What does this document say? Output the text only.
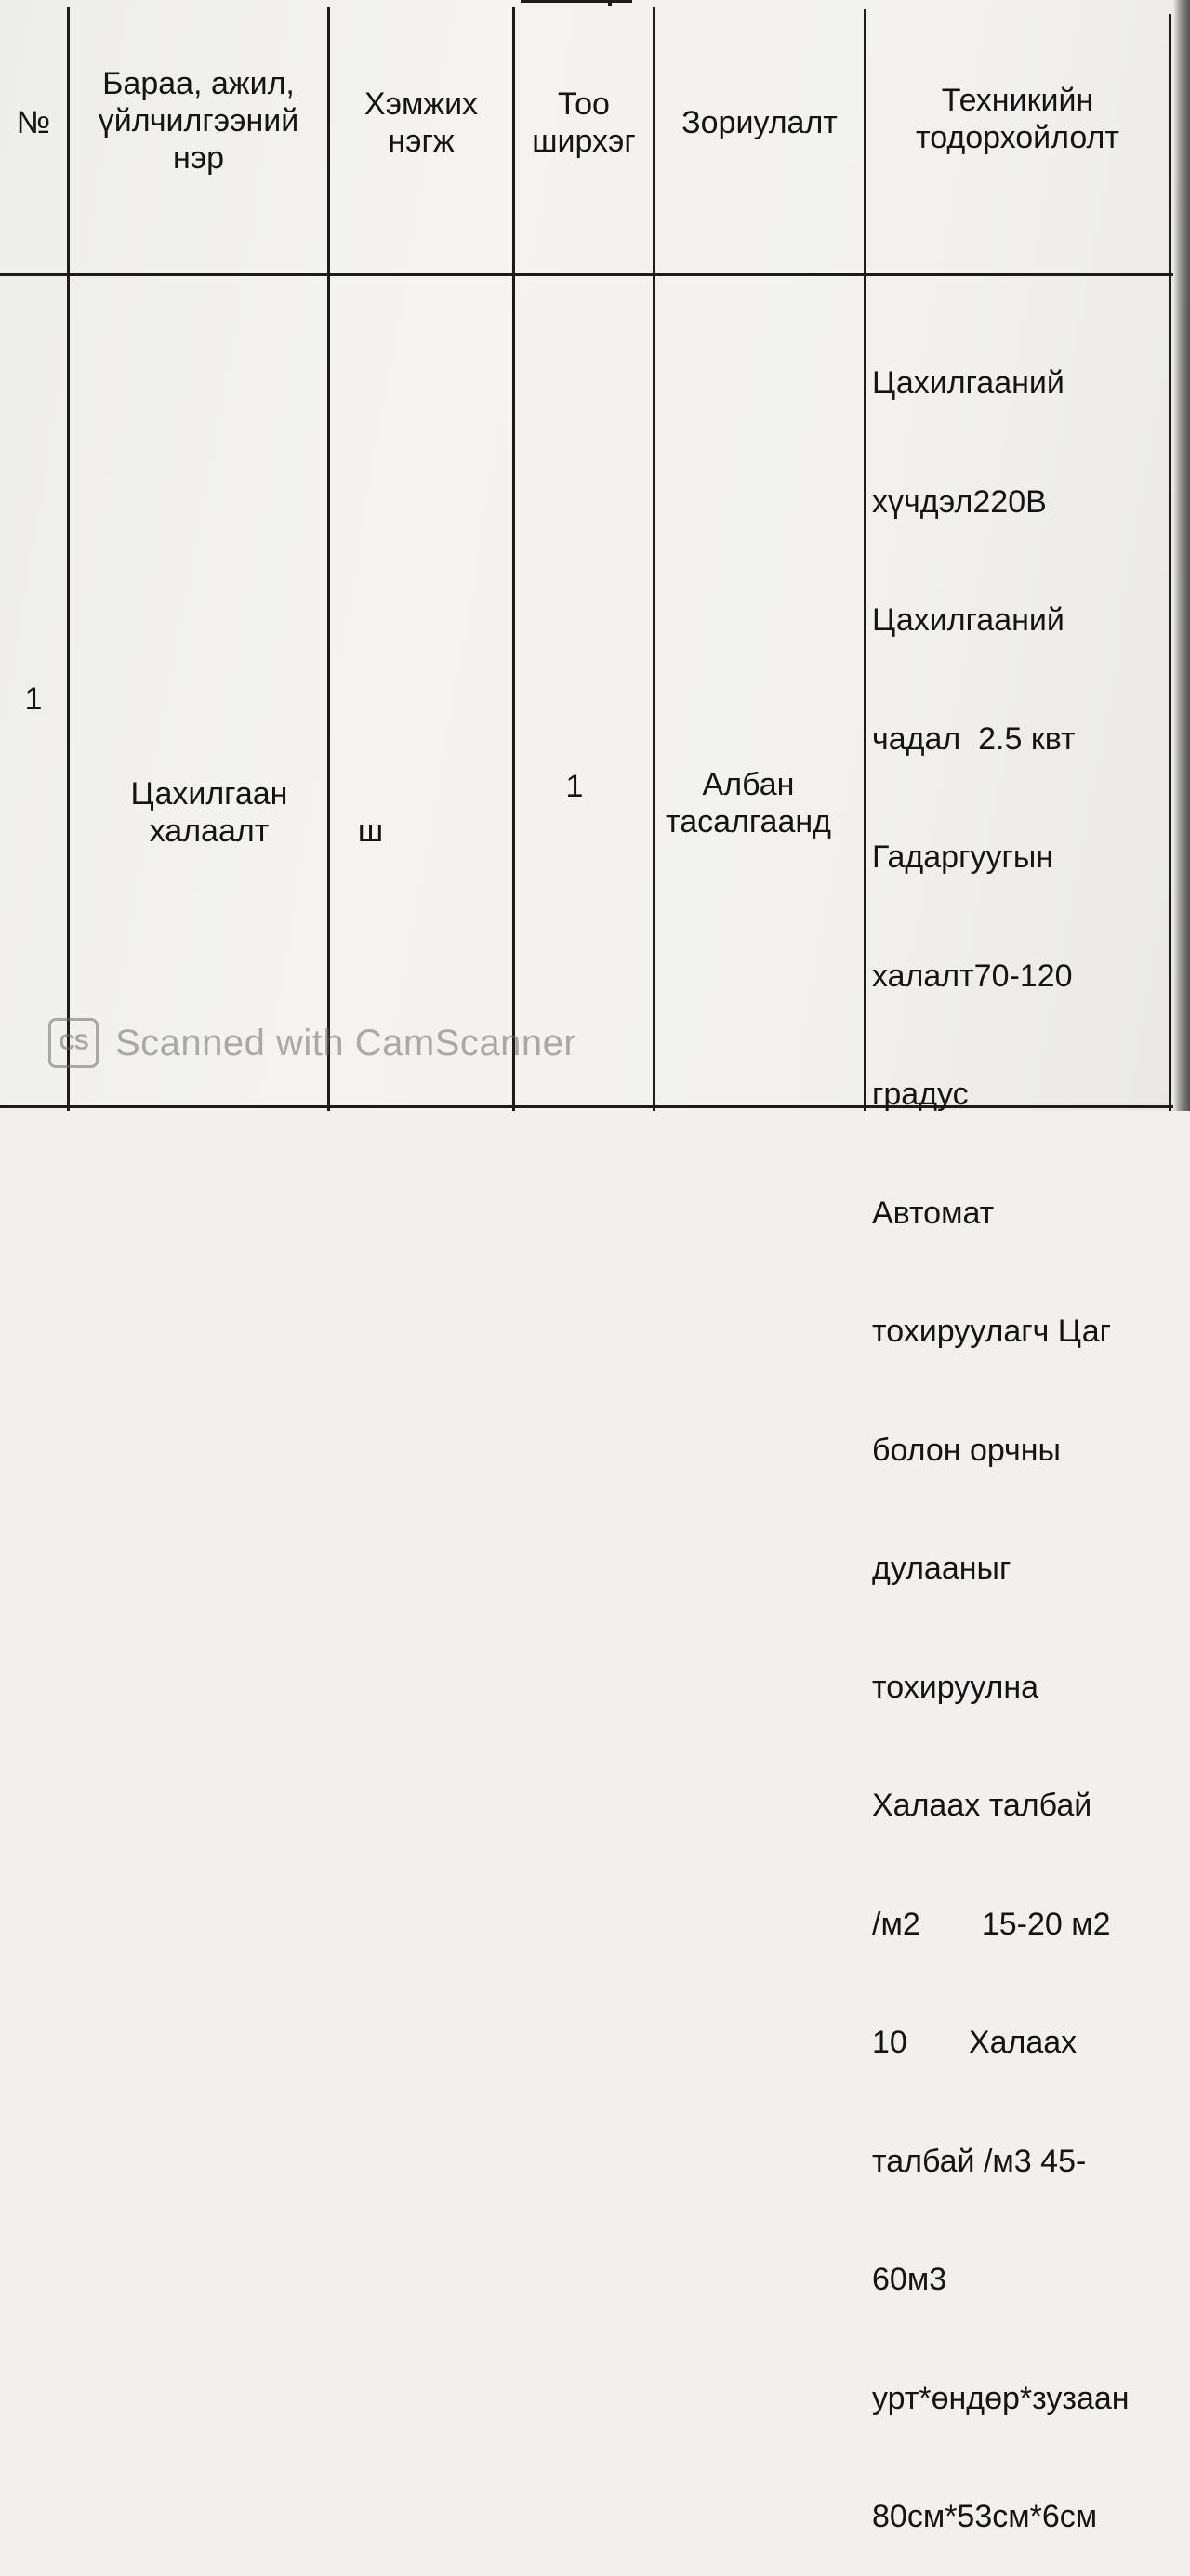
№
Бараа, ажил,
үйлчилгээний
нэр
Хэмжих
нэгж
Тоо
ширхэг
Зориулалт
Техникийн
тодорхойлолт
1
Цахилгаан
халаалт	ш

1	Албан
тасалгаанд

Цахилгааний

хүчдэл220В

Цахилгааний

чадал  2.5 квт

Гадаргуугын

халалт70-120

градус

Автомат

тохируулагч Цаг

болон орчны

дулааныг

тохируулна

Халаах талбай

/м2       15-20 м2

10       Халаах

талбай /м3 45-

60м3

урт*өндөр*зузаан

80см*53см*6см

CS Scanned with CamScanner
